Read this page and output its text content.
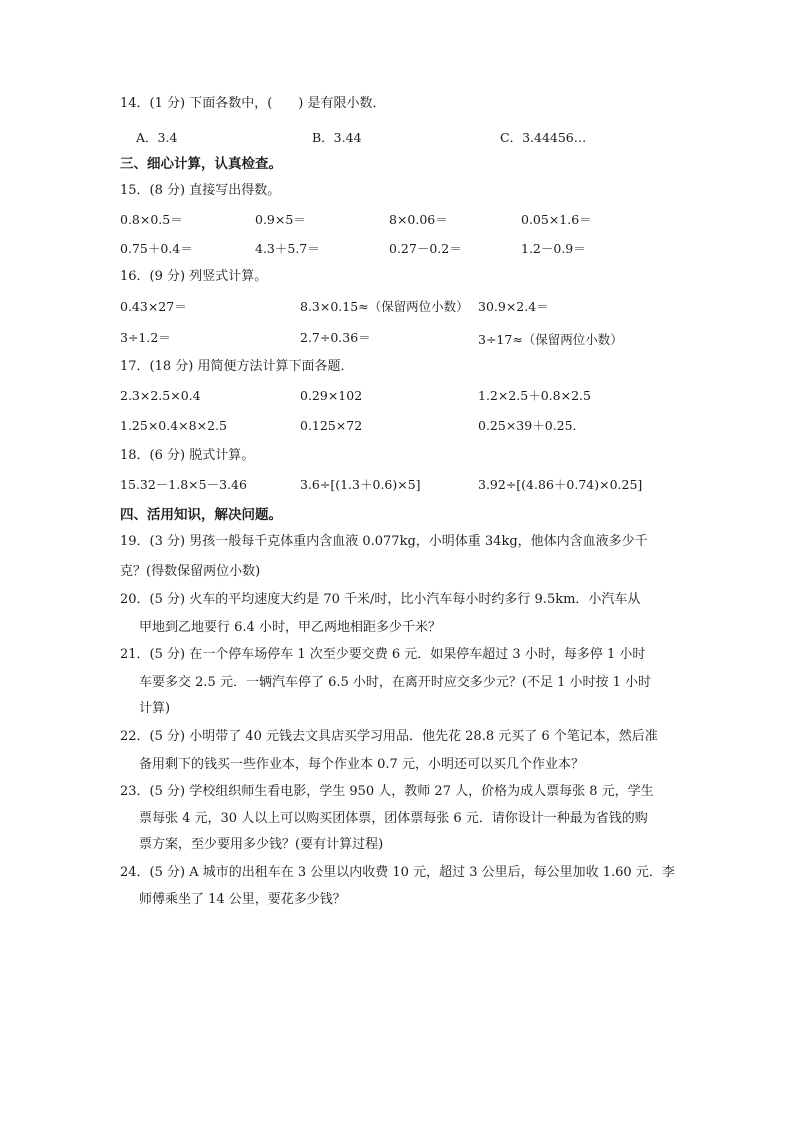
14．(1 分) 下面各数中，(　　) 是有限小数．
A．3.4̇	B．3.44	C．3.44456…
三、细心计算，认真检查。
15．(8 分) 直接写出得数。
0.8×0.5＝	0.9×5＝	8×0.06＝	0.05×1.6＝
0.75＋0.4＝	4.3＋5.7＝	0.27－0.2＝	1.2－0.9＝
16．(9 分) 列竖式计算。
0.43×27＝	8.3×0.15≈（保留两位小数） 30.9×2.4＝
3÷1.2＝	2.7÷0.36＝	3÷17≈（保留两位小数）
17．(18 分) 用简便方法计算下面各题．
2.3×2.5×0.4	0.29×102	1.2×2.5＋0.8×2.5
1.25×0.4×8×2.5	0.125×72	0.25×39＋0.25．
18．(6 分) 脱式计算。
15.32－1.8×5－3.46	3.6÷[(1.3＋0.6)×5]	3.92÷[(4.86＋0.74)×0.25]
四、活用知识，解决问题。
19．(3 分) 男孩一般每千克体重内含血液 0.077kg，小明体重 34kg，他体内含血液多少千
克？(得数保留两位小数)
20．(5 分) 火车的平均速度大约是 70 千米/时，比小汽车每小时约多行 9.5km．小汽车从
甲地到乙地要行 6.4 小时，甲乙两地相距多少千米？
21．(5 分) 在一个停车场停车 1 次至少要交费 6 元．如果停车超过 3 小时，每多停 1 小时
车要多交 2.5 元．一辆汽车停了 6.5 小时，在离开时应交多少元？(不足 1 小时按 1 小时
计算)
22．(5 分) 小明带了 40 元钱去文具店买学习用品．他先花 28.8 元买了 6 个笔记本，然后准
备用剩下的钱买一些作业本，每个作业本 0.7 元，小明还可以买几个作业本？
23．(5 分) 学校组织师生看电影，学生 950 人，教师 27 人，价格为成人票每张 8 元，学生
票每张 4 元，30 人以上可以购买团体票，团体票每张 6 元．请你设计一种最为省钱的购
票方案，至少要用多少钱？(要有计算过程)
24．(5 分) A 城市的出租车在 3 公里以内收费 10 元，超过 3 公里后，每公里加收 1.60 元．李
师傅乘坐了 14 公里，要花多少钱？
